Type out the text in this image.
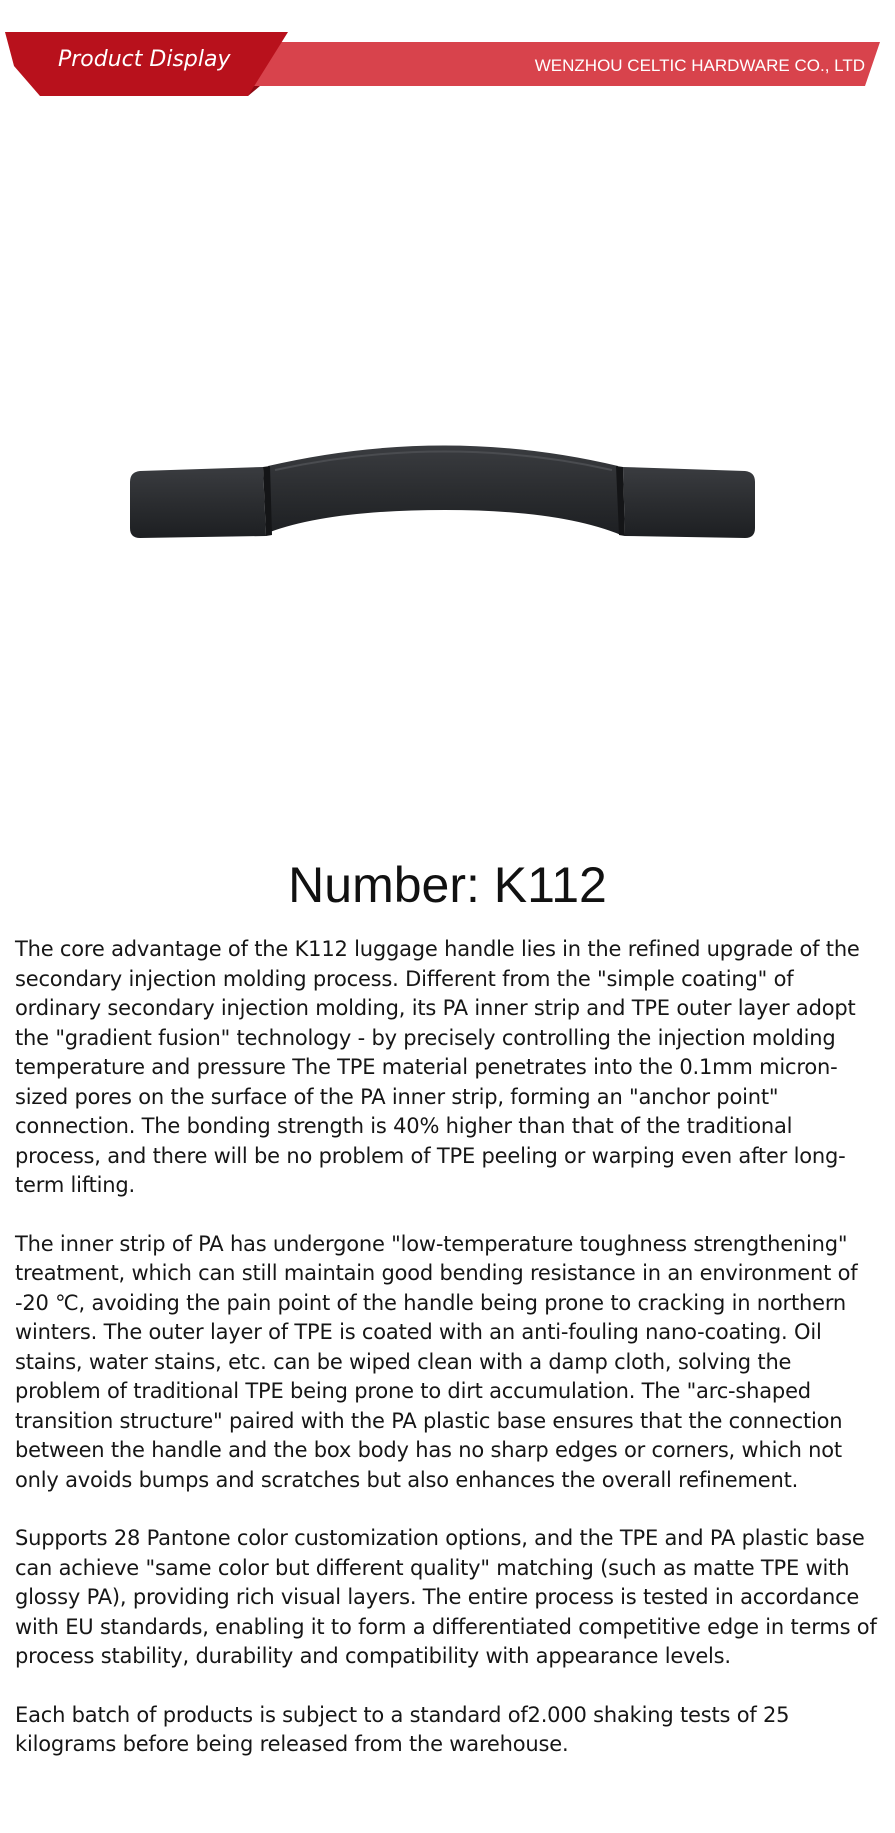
Product Display	WENZHOU CELTIC HARDWARE CO., LTD
Number: K112

The core advantage of the K112 luggage handle lies in the refined upgrade of the secondary injection molding process. Different from the "simple coating" of ordinary secondary injection molding, its PA inner strip and TPE outer layer adopt the "gradient fusion" technology - by precisely controlling the injection molding temperature and pressure The TPE material penetrates into the 0.1mm micron-sized pores on the surface of the PA inner strip, forming an "anchor point" connection. The bonding strength is 40% higher than that of the traditional process, and there will be no problem of TPE peeling or warping even after long-term lifting.

The inner strip of PA has undergone "low-temperature toughness strengthening" treatment, which can still maintain good bending resistance in an environment of -20 ℃, avoiding the pain point of the handle being prone to cracking in northern winters. The outer layer of TPE is coated with an anti-fouling nano-coating. Oil stains, water stains, etc. can be wiped clean with a damp cloth, solving the problem of traditional TPE being prone to dirt accumulation. The "arc-shaped transition structure" paired with the PA plastic base ensures that the connection between the handle and the box body has no sharp edges or corners, which not only avoids bumps and scratches but also enhances the overall refinement.

Supports 28 Pantone color customization options, and the TPE and PA plastic base can achieve "same color but different quality" matching (such as matte TPE with glossy PA), providing rich visual layers. The entire process is tested in accordance with EU standards, enabling it to form a differentiated competitive edge in terms of process stability, durability and compatibility with appearance levels.

Each batch of products is subject to a standard of2.000 shaking tests of 25 kilograms before being released from the warehouse.
